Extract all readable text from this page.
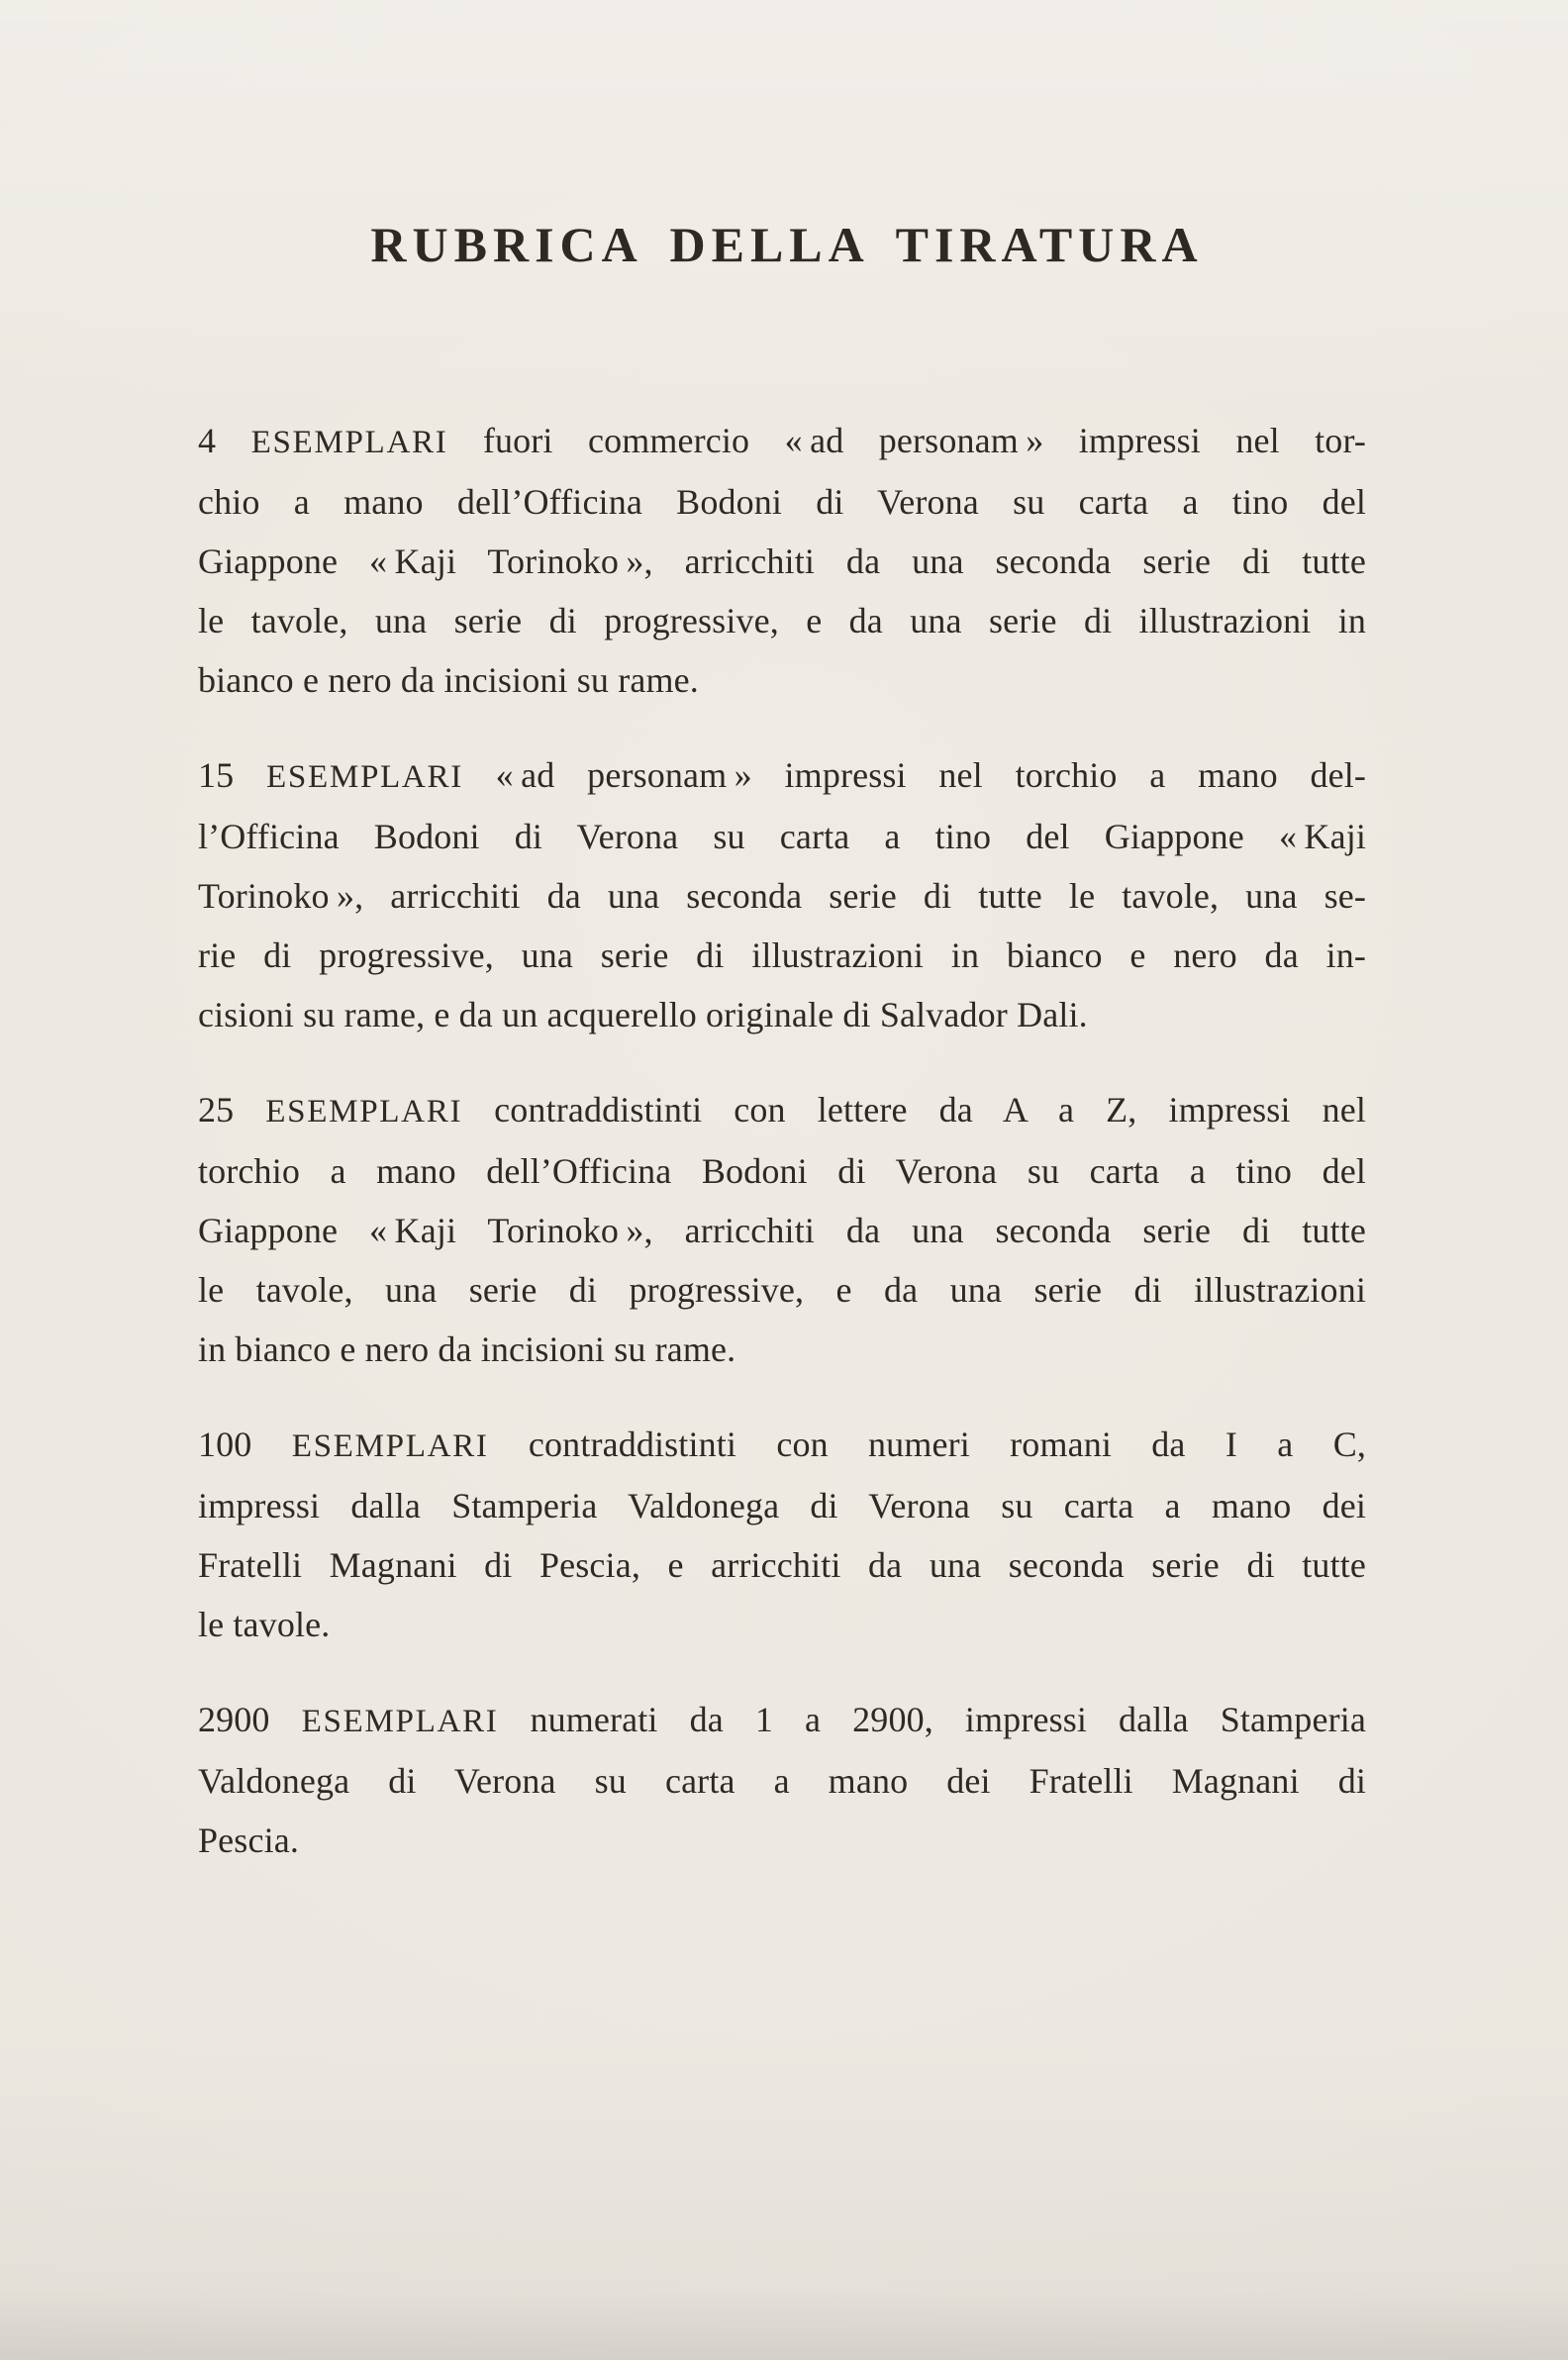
RUBRICA DELLA TIRATURA
4 ESEMPLARI fuori commercio « ad personam » impressi nel tor-
chio a mano dell’Officina Bodoni di Verona su carta a tino del
Giappone « Kaji Torinoko », arricchiti da una seconda serie di tutte
le tavole, una serie di progressive, e da una serie di illustrazioni in
bianco e nero da incisioni su rame.
15 ESEMPLARI « ad personam » impressi nel torchio a mano del-
l’Officina Bodoni di Verona su carta a tino del Giappone « Kaji
Torinoko », arricchiti da una seconda serie di tutte le tavole, una se-
rie di progressive, una serie di illustrazioni in bianco e nero da in-
cisioni su rame, e da un acquerello originale di Salvador Dali.
25 ESEMPLARI contraddistinti con lettere da A a Z, impressi nel
torchio a mano dell’Officina Bodoni di Verona su carta a tino del
Giappone « Kaji Torinoko », arricchiti da una seconda serie di tutte
le tavole, una serie di progressive, e da una serie di illustrazioni
in bianco e nero da incisioni su rame.
100 ESEMPLARI contraddistinti con numeri romani da I a C,
impressi dalla Stamperia Valdonega di Verona su carta a mano dei
Fratelli Magnani di Pescia, e arricchiti da una seconda serie di tutte
le tavole.
2900 ESEMPLARI numerati da 1 a 2900, impressi dalla Stamperia
Valdonega di Verona su carta a mano dei Fratelli Magnani di
Pescia.
